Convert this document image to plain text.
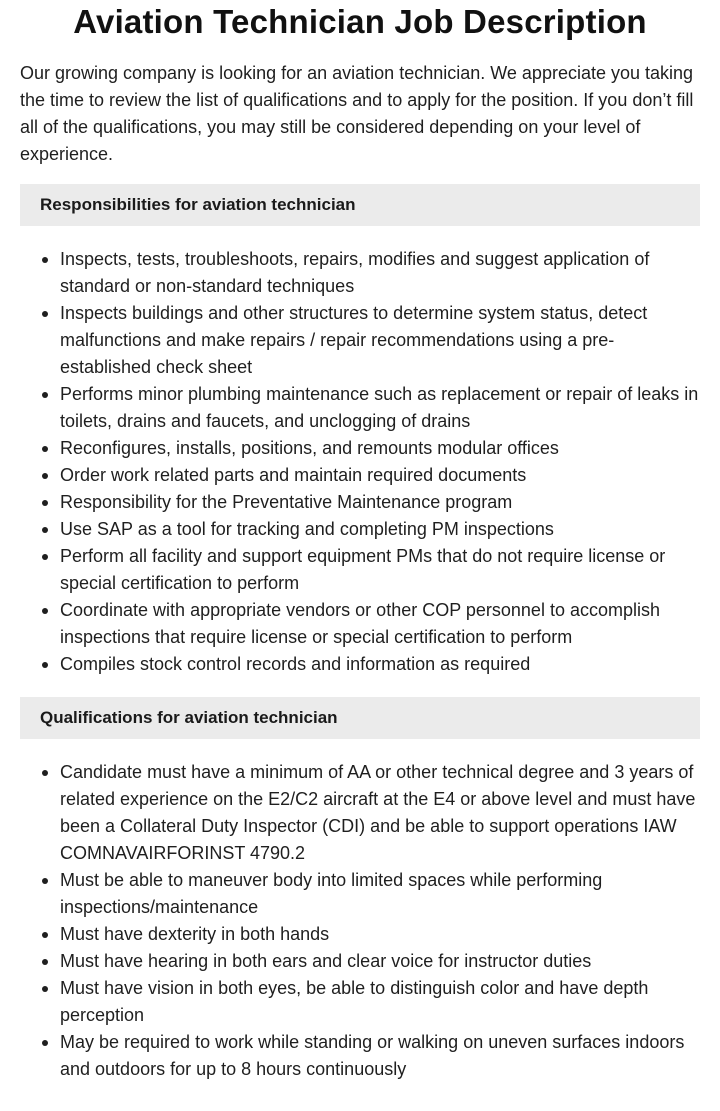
Aviation Technician Job Description

Our growing company is looking for an aviation technician. We appreciate you taking the time to review the list of qualifications and to apply for the position. If you don’t fill all of the qualifications, you may still be considered depending on your level of experience.

Responsibilities for aviation technician
Inspects, tests, troubleshoots, repairs, modifies and suggest application of standard or non-standard techniques
Inspects buildings and other structures to determine system status, detect malfunctions and make repairs / repair recommendations using a pre-established check sheet
Performs minor plumbing maintenance such as replacement or repair of leaks in toilets, drains and faucets, and unclogging of drains
Reconfigures, installs, positions, and remounts modular offices
Order work related parts and maintain required documents
Responsibility for the Preventative Maintenance program
Use SAP as a tool for tracking and completing PM inspections
Perform all facility and support equipment PMs that do not require license or special certification to perform
Coordinate with appropriate vendors or other COP personnel to accomplish inspections that require license or special certification to perform
Compiles stock control records and information as required
Qualifications for aviation technician
Candidate must have a minimum of AA or other technical degree and 3 years of related experience on the E2/C2 aircraft at the E4 or above level and must have been a Collateral Duty Inspector (CDI) and be able to support operations IAW COMNAVAIRFORINST 4790.2
Must be able to maneuver body into limited spaces while performing inspections/maintenance
Must have dexterity in both hands
Must have hearing in both ears and clear voice for instructor duties
Must have vision in both eyes, be able to distinguish color and have depth perception
May be required to work while standing or walking on uneven surfaces indoors and outdoors for up to 8 hours continuously
